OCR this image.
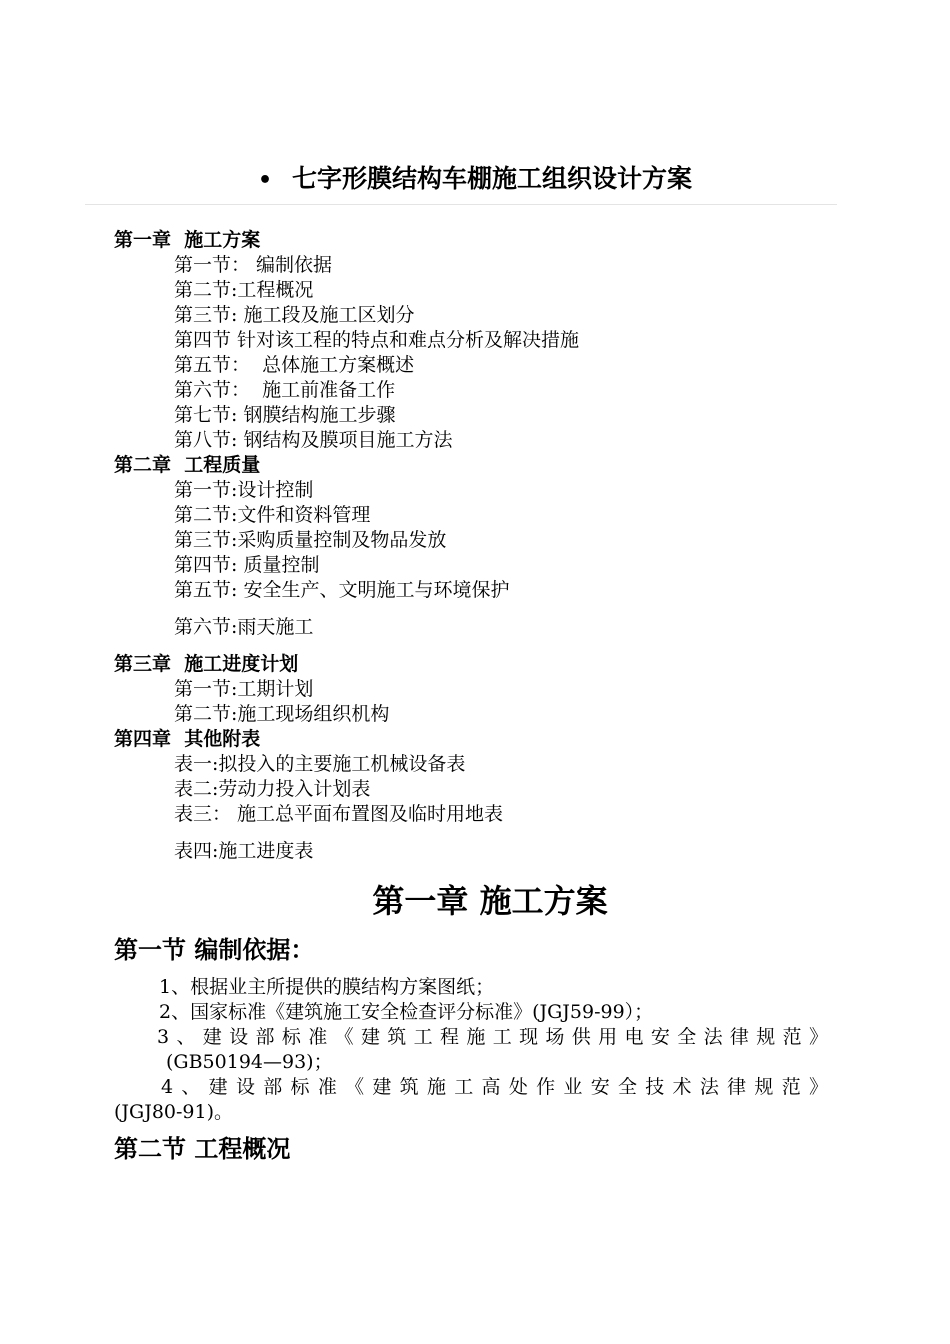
• 七字形膜结构车棚施工组织设计方案
第一章  施工方案
第一节： 编制依据
第二节:工程概况
第三节: 施工段及施工区划分
第四节 针对该工程的特点和难点分析及解决措施
第五节：  总体施工方案概述
第六节：  施工前准备工作
第七节: 钢膜结构施工步骤
第八节: 钢结构及膜项目施工方法
第二章  工程质量
第一节:设计控制
第二节:文件和资料管理
第三节:采购质量控制及物品发放
第四节: 质量控制
第五节: 安全生产、文明施工与环境保护
第六节:雨天施工
第三章  施工进度计划
第一节:工期计划
第二节:施工现场组织机构
第四章  其他附表
表一:拟投入的主要施工机械设备表
表二:劳动力投入计划表
表三： 施工总平面布置图及临时用地表
表四:施工进度表
第一章 施工方案
第一节 编制依据：
1、根据业主所提供的膜结构方案图纸；
2、国家标准《建筑施工安全检查评分标准》(JGJ59-99）；
3、建设部标准《建筑工程施工现场供用电安全法律规范》
(GB50194—93)；
4、建设部标准《建筑施工高处作业安全技术法律规范》
(JGJ80-91)。
第二节 工程概况
